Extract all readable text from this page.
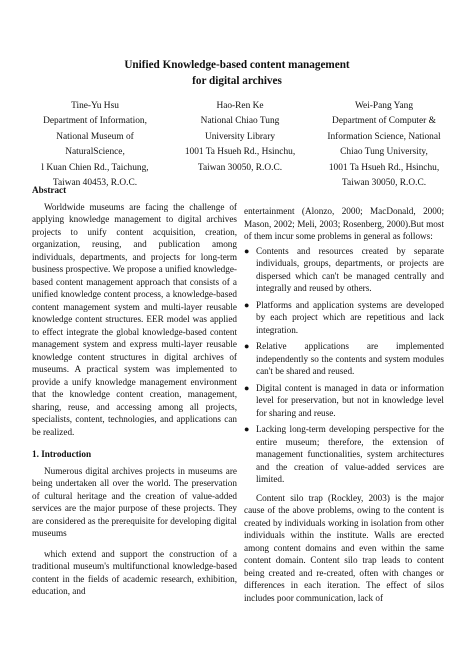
Unified Knowledge-based content management
for digital archives
Tine-Yu Hsu
Department of Information,
National Museum of
NaturalScience,
l Kuan Chien Rd., Taichung,
Taiwan 40453, R.O.C.
Hao-Ren Ke
National Chiao Tung
University Library
1001 Ta Hsueh Rd., Hsinchu,
Taiwan 30050, R.O.C.
Wei-Pang Yang
Department of Computer &
Information Science, National
Chiao Tung University,
1001 Ta Hsueh Rd., Hsinchu,
Taiwan 30050, R.O.C.
Abstract

Worldwide museums are facing the challenge of applying knowledge management to digital archives projects to unify content acquisition, creation, organization, reusing, and publication among individuals, departments, and projects for long-term business prospective. We propose a unified knowledge-based content management approach that consists of a unified knowledge content process, a knowledge-based content management system and multi-layer reusable knowledge content structures. EER model was applied to effect integrate the global knowledge-based content management system and express multi-layer reusable knowledge content structures in digital archives of museums. A practical system was implemented to provide a unify knowledge management environment that the knowledge content creation, management, sharing, reuse, and accessing among all projects, specialists, content, technologies, and applications can be realized.

1. Introduction

Numerous digital archives projects in museums are being undertaken all over the world. The preservation of cultural heritage and the creation of value-added services are the major purpose of these projects. They are considered as the prerequisite for developing digital museums

which extend and support the construction of a traditional museum's multifunctional knowledge-based content in the fields of academic research, exhibition, education, and

entertainment (Alonzo, 2000; MacDonald, 2000; Mason, 2002; Meli, 2003; Rosenberg, 2000).But most of them incur some problems in general as follows:

● Contents and resources created by separate individuals, groups, departments, or projects are dispersed which can't be managed centrally and integrally and reused by others.
● Platforms and application systems are developed by each project which are repetitious and lack integration.
● Relative applications are implemented independently so the contents and system modules can't be shared and reused.
● Digital content is managed in data or information level for preservation, but not in knowledge level for sharing and reuse.
● Lacking long-term developing perspective for the entire museum; therefore, the extension of management functionalities, system architectures and the creation of value-added services are limited.

Content silo trap (Rockley, 2003) is the major cause of the above problems, owing to the content is created by individuals working in isolation from other individuals within the institute. Walls are erected among content domains and even within the same content domain. Content silo trap leads to content being created and re-created, often with changes or differences in each iteration. The effect of silos includes poor communication, lack of
